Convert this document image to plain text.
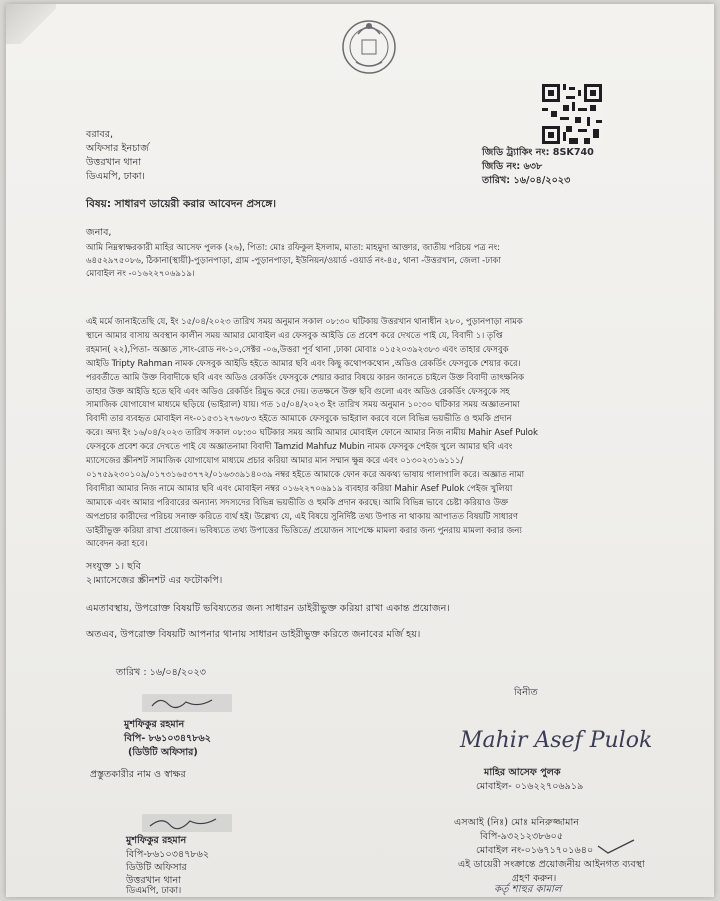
বরাবর,
অফিসার ইনচার্জ
উত্তরখান থানা
ডিএমপি, ঢাকা।
জিডি ট্র্যাকিং নং: 8SK740
জিডি নং: ৬৩৮
তারিখ: ১৬/০৪/২০২৩
বিষয়: সাধারণ ডায়েরী করার আবেদন প্রসঙ্গে।
জনাব,
আমি নিম্নস্বাক্ষরকারী মাহির আসেফ পুলক (২৬), পিতা: মোঃ রফিকুল ইসলাম, মাতা: মাহমুদা আক্তার, জাতীয় পরিচয় পত্র নং:
৬৪৫২৯৭৫০৮৬, ঠিকানা(স্থায়ী)-পুড়ানপাড়া, গ্রাম -পুড়ানপাড়া, ইউনিয়ন/ওয়ার্ড -ওয়ার্ড নং-৪৫, থানা -উত্তরখান, জেলা -ঢাকা
মোবাইল নং -০১৬২২৭০৬৯১৯।
এই মর্মে জানাইতেছি যে, ইং ১৫/০৪/২০২৩ তারিখ সময় অনুমান সকাল ০৮:৩০ ঘটিকায় উত্তরখান থানাধীন ২৮০, পুড়ানপাড়া নামক
স্থানে আমার বাসায় অবস্থান কালীন সময় আমার মোবাইল এর ফেসবুক আইডি তে প্রবেশ করে দেখতে পাই যে, বিবাদী ১। তৃপ্তি
রহমান( ২২),পিতা- অজ্ঞাত ,সাং-রোড নং-১০,সেক্টর -০৬,উত্তরা পূর্ব থানা ,ঢাকা মোবাঃ ০১৫২০৩৯২৩৮৩ এবং তাহার ফেসবুক
আইডি Tripty Rahman নামক ফেসবুক আইডি হইতে আমার ছবি এবং কিছু কথোপকথোন ,অডিও রেকর্ডিং ফেসবুকে শেয়ার করে।
পরবর্তীতে আমি উক্ত বিবাদীকে ছবি এবং অডিও রেকর্ডিং ফেসবুকে শেয়ার করার বিষয়ে কারন জানতে চাইলে উক্ত বিবাদী তাৎক্ষনিক
তাহার উক্ত আইডি হতে ছবি এবং অডিও রেকর্ডিং রিমুভ করে দেয়। ততক্ষনে উক্ত ছবি গুলো এবং অডিও রেকর্ডিং ফেসবুকে সহ
সামাজিক যোগাযোগ মাধ্যমে ছড়িয়ে (ভাইরাল) যায়। গত ১৫/০৪/২০২৩ ইং তারিখ সময় অনুমান ১০:৩০ ঘটিকার সময় অজ্ঞাতনামা
বিবাদী তার ব্যবহৃত মোবাইল নং-০১৫৩১২৭৬৩৮৩ হইতে আমাকে ফেসবুকে ভাইরাল করবে বলে বিভিন্ন ভয়ভীতি ও হুমকি প্রদান
করে। অদ্য ইং ১৬/০৪/২০২৩ তারিখ সকাল ০৮:৩০ ঘটিকার সময় আমি আমার মোবাইল ফোনে আমার নিজ নামীয় Mahir Asef Pulok
ফেসবুকে প্রবেশ করে দেখতে পাই যে অজ্ঞাতনামা বিবাদী Tamzid Mahfuz Mubin নামক ফেসবুক পেইজ খুলে আমার ছবি এবং
ম্যাসেজের স্ক্রীনশট সামাজিক যোগাযোগ মাধ্যমে প্রচার করিয়া আমার মান সম্মান ক্ষুন্ন করে এবং ০১৩০২৩১৬১১১/
০১৭৫৯২৩০১০৯/০১৭৩১৬৫৩৭৭২/০১৬৩৩৯১৪০৩৯ নম্বর হইতে আমাকে ফোন করে অকথ্য ভাষায় গালাগালি করে। অজ্ঞাত নামা
বিবাদীরা আমার নিজ নামে আমার ছবি এবং মোবাইল নম্বর ০১৬২২৭০৬৯১৯ ব্যবহার করিয়া Mahir Asef Pulok পেইজ খুলিয়া
আমাকে এবং আমার পরিবারের অন্যান্য সদস্যদের বিভিন্ন ভয়ভীতি ও হুমকি প্রদান করছে। আমি বিভিন্ন ভাবে চেষ্টা করিয়াও উক্ত
অপপ্রচার কারীদের পরিচয় সনাক্ত করিতে ব্যর্থ হই। উল্লেখ্য যে, এই বিষয়ে সুনির্দিষ্ট তথ্য উপাত্ত না থাকায় আপাতত বিষয়টি সাধারণ
ডাইরীভুক্ত করিয়া রাখা প্রয়োজন। ভবিষ্যতে তথ্য উপাত্তের ভিত্তিতে/ প্রয়োজন সাপেক্ষে মামলা করার জন্য পুনরায় মামলা করার জন্য
আবেদন করা হবে।
সংযুক্ত ১। ছবি
২।ম্যাসেজের স্ক্রীনশট এর ফটোকপি।
এমতাবস্থায়, উপরোক্ত বিষয়টি ভবিষ্যতের জন্য সাধারন ডাইরীভুক্ত করিয়া রাখা একান্ত প্রয়োজন।
অতএব, উপরোক্ত বিষয়টি আপনার থানায় সাধারন ডাইরীভুক্ত করিতে জনাবের মর্জি হয়।
তারিখ : ১৬/০৪/২০২৩
বিনীত
মুশফিকুর রহমান
বিপি- ৮৬১০৩৪৭৮৬২
(ডিউটি অফিসার)
প্রস্তুতকারীর নাম ও স্বাক্ষর
Mahir Asef Pulok
মাহির আসেফ পুলক
মোবাইল- ০১৬২২৭০৬৯১৯
মুশফিকুর রহমান
বিপি-৮৬১০৩৪৭৮৬২
ডিউটি অফিসার
উত্তরখান থানা
ডিএমপি, ঢাকা।
এসআই (নিঃ) মোঃ মনিরুজ্জামান
বিপি-৯৩২১২৩৮৬০৫
মোবাইল নং-০১৬৭১৭০১৬৪০
এই ডায়েরী সংক্রান্তে প্রয়োজনীয় আইনগত ব্যবস্থা
গ্রহণ করুন।
কর্তৃ শাহুর কামাল
